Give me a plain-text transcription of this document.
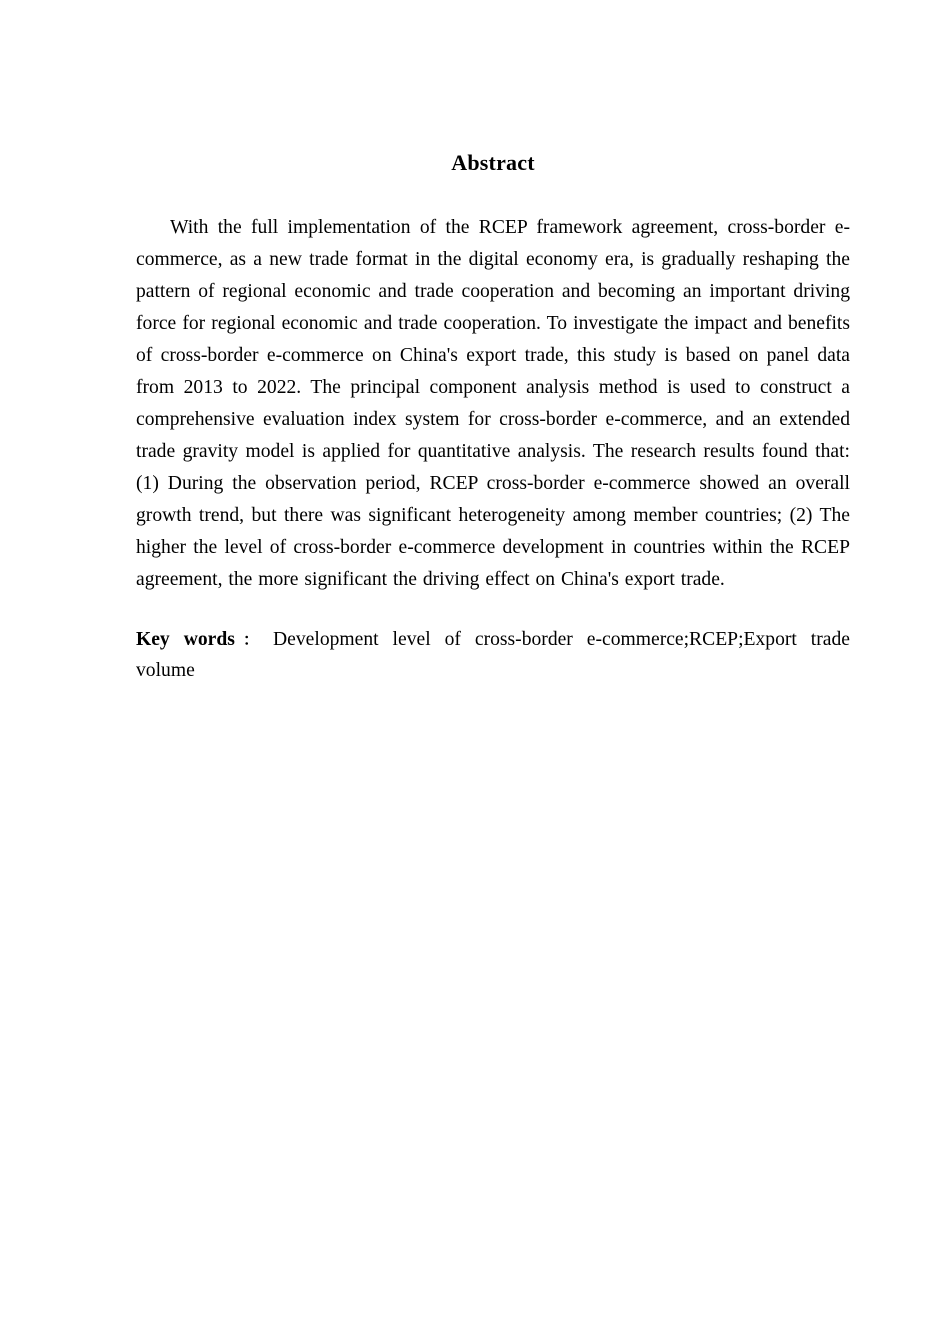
Abstract

With the full implementation of the RCEP framework agreement, cross-border e-commerce, as a new trade format in the digital economy era, is gradually reshaping the pattern of regional economic and trade cooperation and becoming an important driving force for regional economic and trade cooperation. To investigate the impact and benefits of cross-border e-commerce on China's export trade, this study is based on panel data from 2013 to 2022. The principal component analysis method is used to construct a comprehensive evaluation index system for cross-border e-commerce, and an extended trade gravity model is applied for quantitative analysis. The research results found that: (1) During the observation period, RCEP cross-border e-commerce showed an overall growth trend, but there was significant heterogeneity among member countries; (2) The higher the level of cross-border e-commerce development in countries within the RCEP agreement, the more significant the driving effect on China's export trade.

Key words： Development level of cross-border e-commerce;RCEP;Export trade volume
